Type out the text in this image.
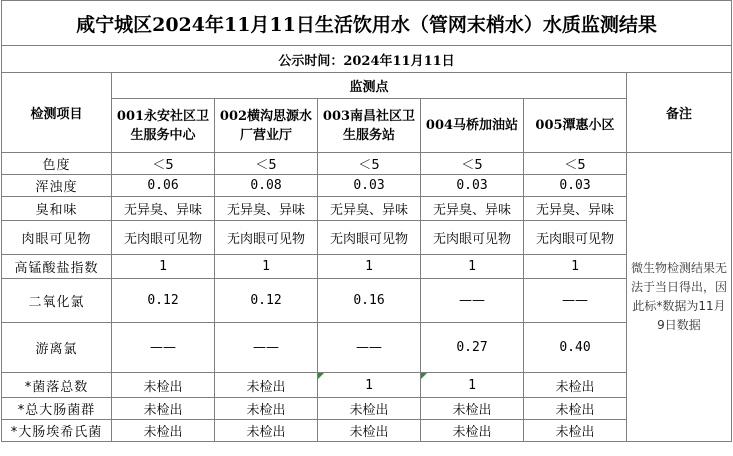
咸宁城区2024年11月11日生活饮用水（管网末梢水）水质监测结果						
公示时间：2024年11月11日						
检测项目	监测点					备注
	001永安社区卫生服务中心	002横沟思源水厂营业厅	003南昌社区卫生服务站	004马桥加油站	005潭惠小区	
色度	＜5	＜5	＜5	＜5	＜5	微生物检测结果无法于当日得出，因此标*数据为11月9日数据
浑浊度	0.06	0.08	0.03	0.03	0.03	
臭和味	无异臭、异味	无异臭、异味	无异臭、异味	无异臭、异味	无异臭、异味	
肉眼可见物	无肉眼可见物	无肉眼可见物	无肉眼可见物	无肉眼可见物	无肉眼可见物	
高锰酸盐指数	1	1	1	1	1	
二氧化氯	0.12	0.12	0.16	——	——	
游离氯	——	——	——	0.27	0.40	
*菌落总数	未检出	未检出	1	1	未检出	
*总大肠菌群	未检出	未检出	未检出	未检出	未检出	
*大肠埃希氏菌	未检出	未检出	未检出	未检出	未检出	
